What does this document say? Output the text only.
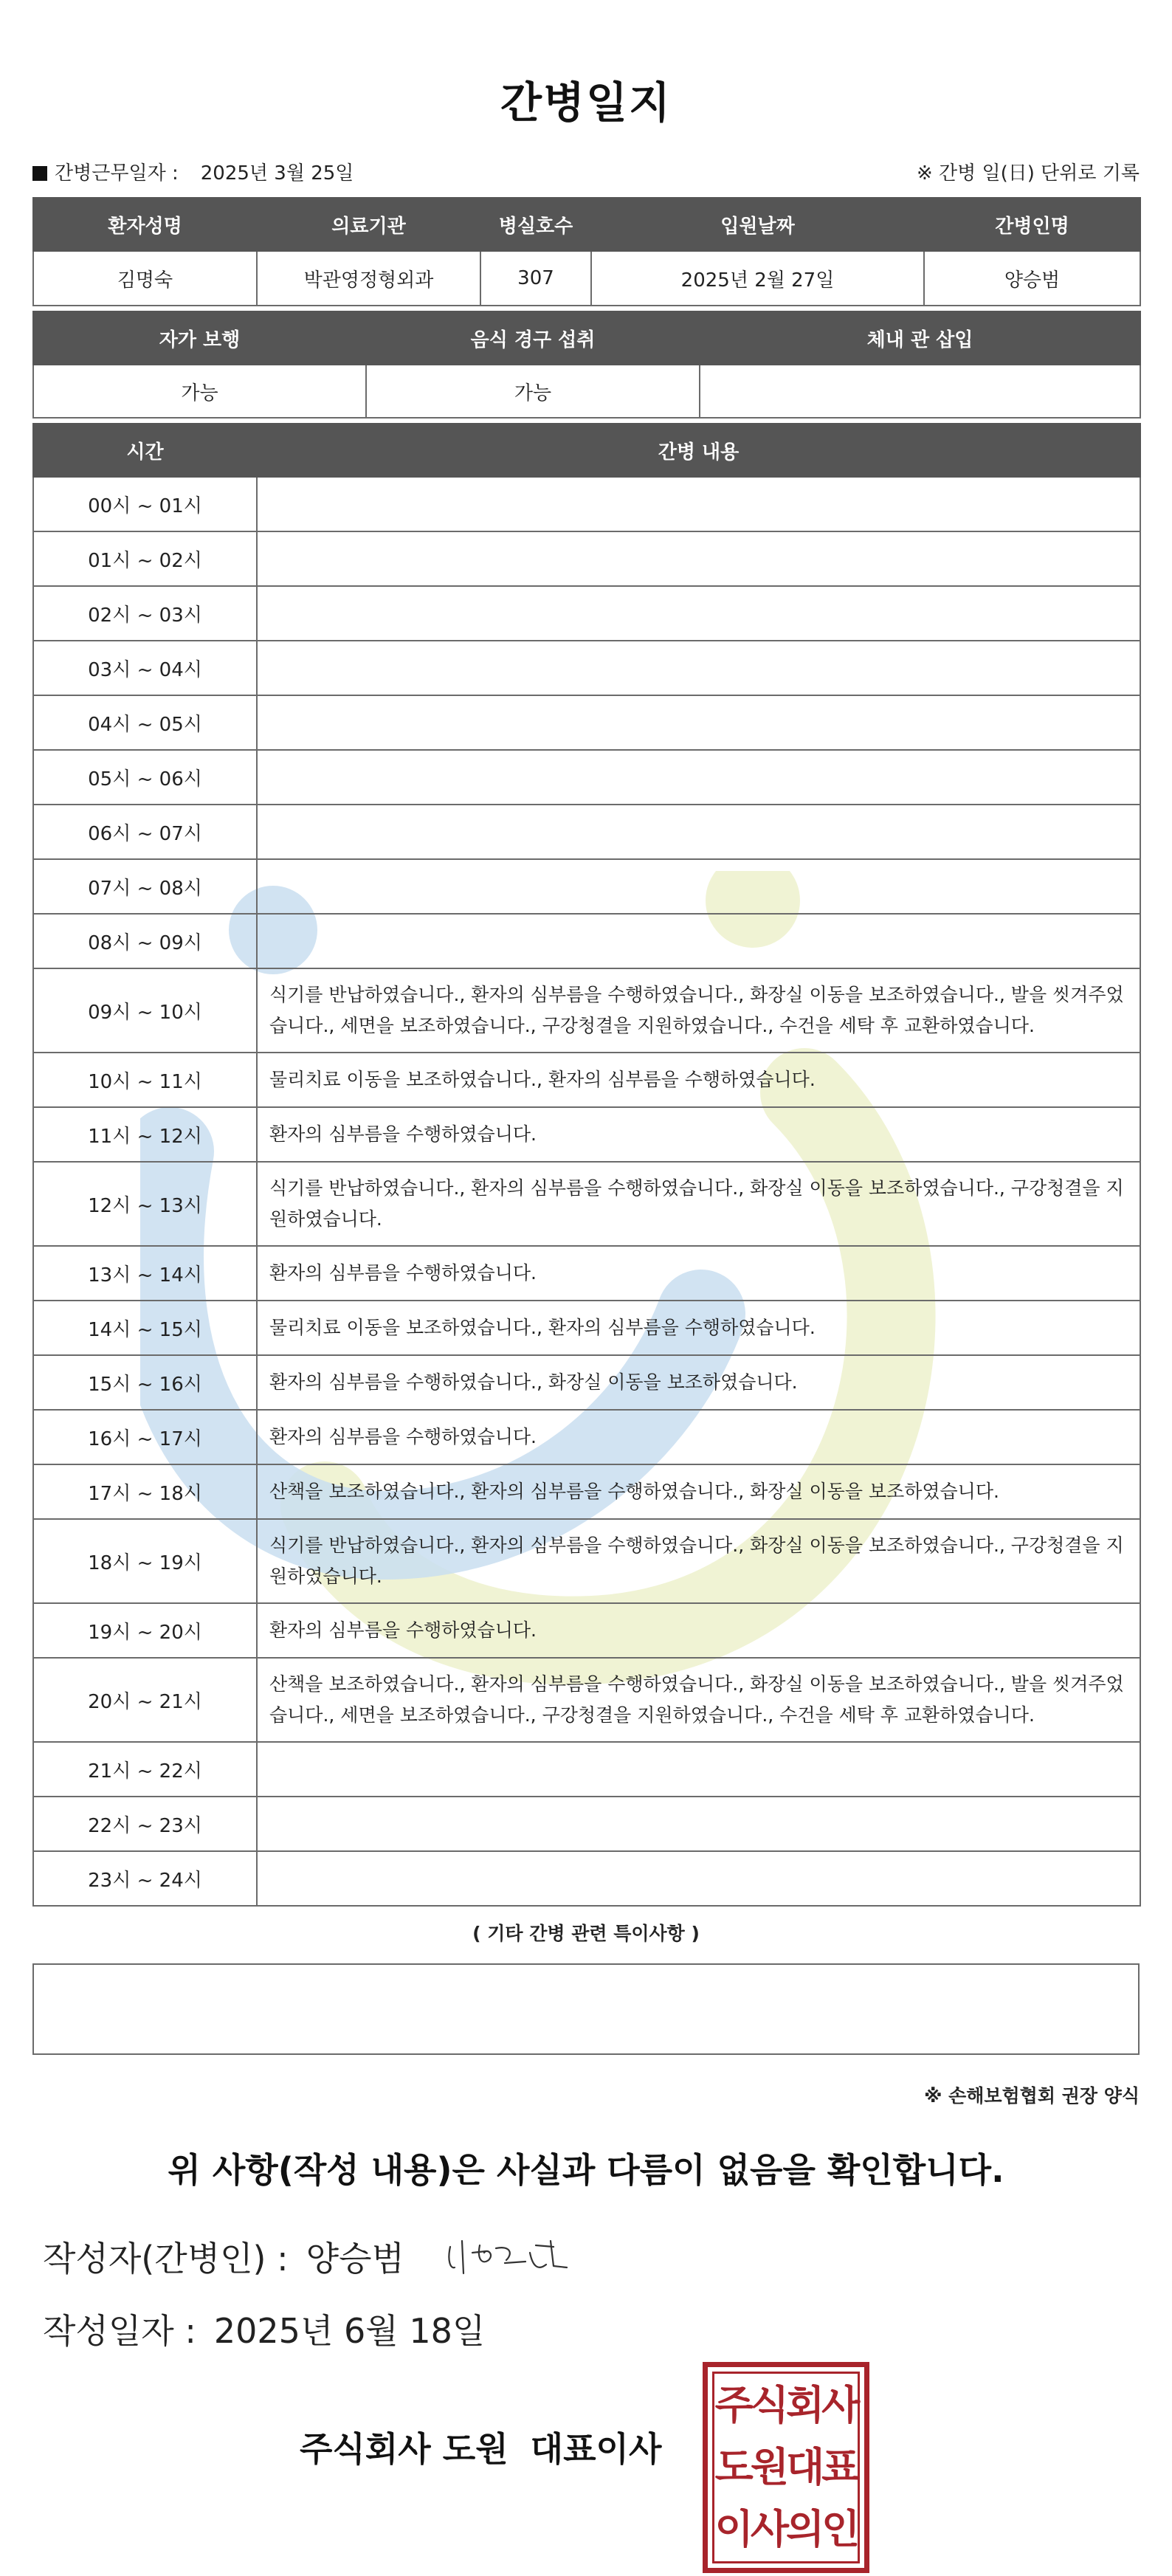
간병일지
간병근무일자 : 2025년 3월 25일	※ 간병 일(日) 단위로 기록
환자성명	의료기관	병실호수	입원날짜	간병인명
김명숙	박관영정형외과	307	2025년 2월 27일	양승범
자가 보행	음식 경구 섭취	체내 관 삽입
가능	가능	
시간	간병 내용
00시 ~ 01시	
01시 ~ 02시	
02시 ~ 03시	
03시 ~ 04시	
04시 ~ 05시	
05시 ~ 06시	
06시 ~ 07시	
07시 ~ 08시	
08시 ~ 09시	
09시 ~ 10시	식기를 반납하였습니다., 환자의 심부름을 수행하였습니다., 화장실 이동을 보조하였습니다., 발을 씻겨주었습니다., 세면을 보조하였습니다., 구강청결을 지원하였습니다., 수건을 세탁 후 교환하였습니다.
10시 ~ 11시	물리치료 이동을 보조하였습니다., 환자의 심부름을 수행하였습니다.
11시 ~ 12시	환자의 심부름을 수행하였습니다.
12시 ~ 13시	식기를 반납하였습니다., 환자의 심부름을 수행하였습니다., 화장실 이동을 보조하였습니다., 구강청결을 지원하였습니다.
13시 ~ 14시	환자의 심부름을 수행하였습니다.
14시 ~ 15시	물리치료 이동을 보조하였습니다., 환자의 심부름을 수행하였습니다.
15시 ~ 16시	환자의 심부름을 수행하였습니다., 화장실 이동을 보조하였습니다.
16시 ~ 17시	환자의 심부름을 수행하였습니다.
17시 ~ 18시	산책을 보조하였습니다., 환자의 심부름을 수행하였습니다., 화장실 이동을 보조하였습니다.
18시 ~ 19시	식기를 반납하였습니다., 환자의 심부름을 수행하였습니다., 화장실 이동을 보조하였습니다., 구강청결을 지원하였습니다.
19시 ~ 20시	환자의 심부름을 수행하였습니다.
20시 ~ 21시	산책을 보조하였습니다., 환자의 심부름을 수행하였습니다., 화장실 이동을 보조하였습니다., 발을 씻겨주었습니다., 세면을 보조하였습니다., 구강청결을 지원하였습니다., 수건을 세탁 후 교환하였습니다.
21시 ~ 22시	
22시 ~ 23시	
23시 ~ 24시	
( 기타 간병 관련 특이사항 )
※ 손해보험협회 권장 양식
위 사항(작성 내용)은 사실과 다름이 없음을 확인합니다.
작성자(간병인) : 양승범
작성일자 : 2025년 6월 18일
주식회사 도원 대표이사
주식회사
도원대표
이사의인
